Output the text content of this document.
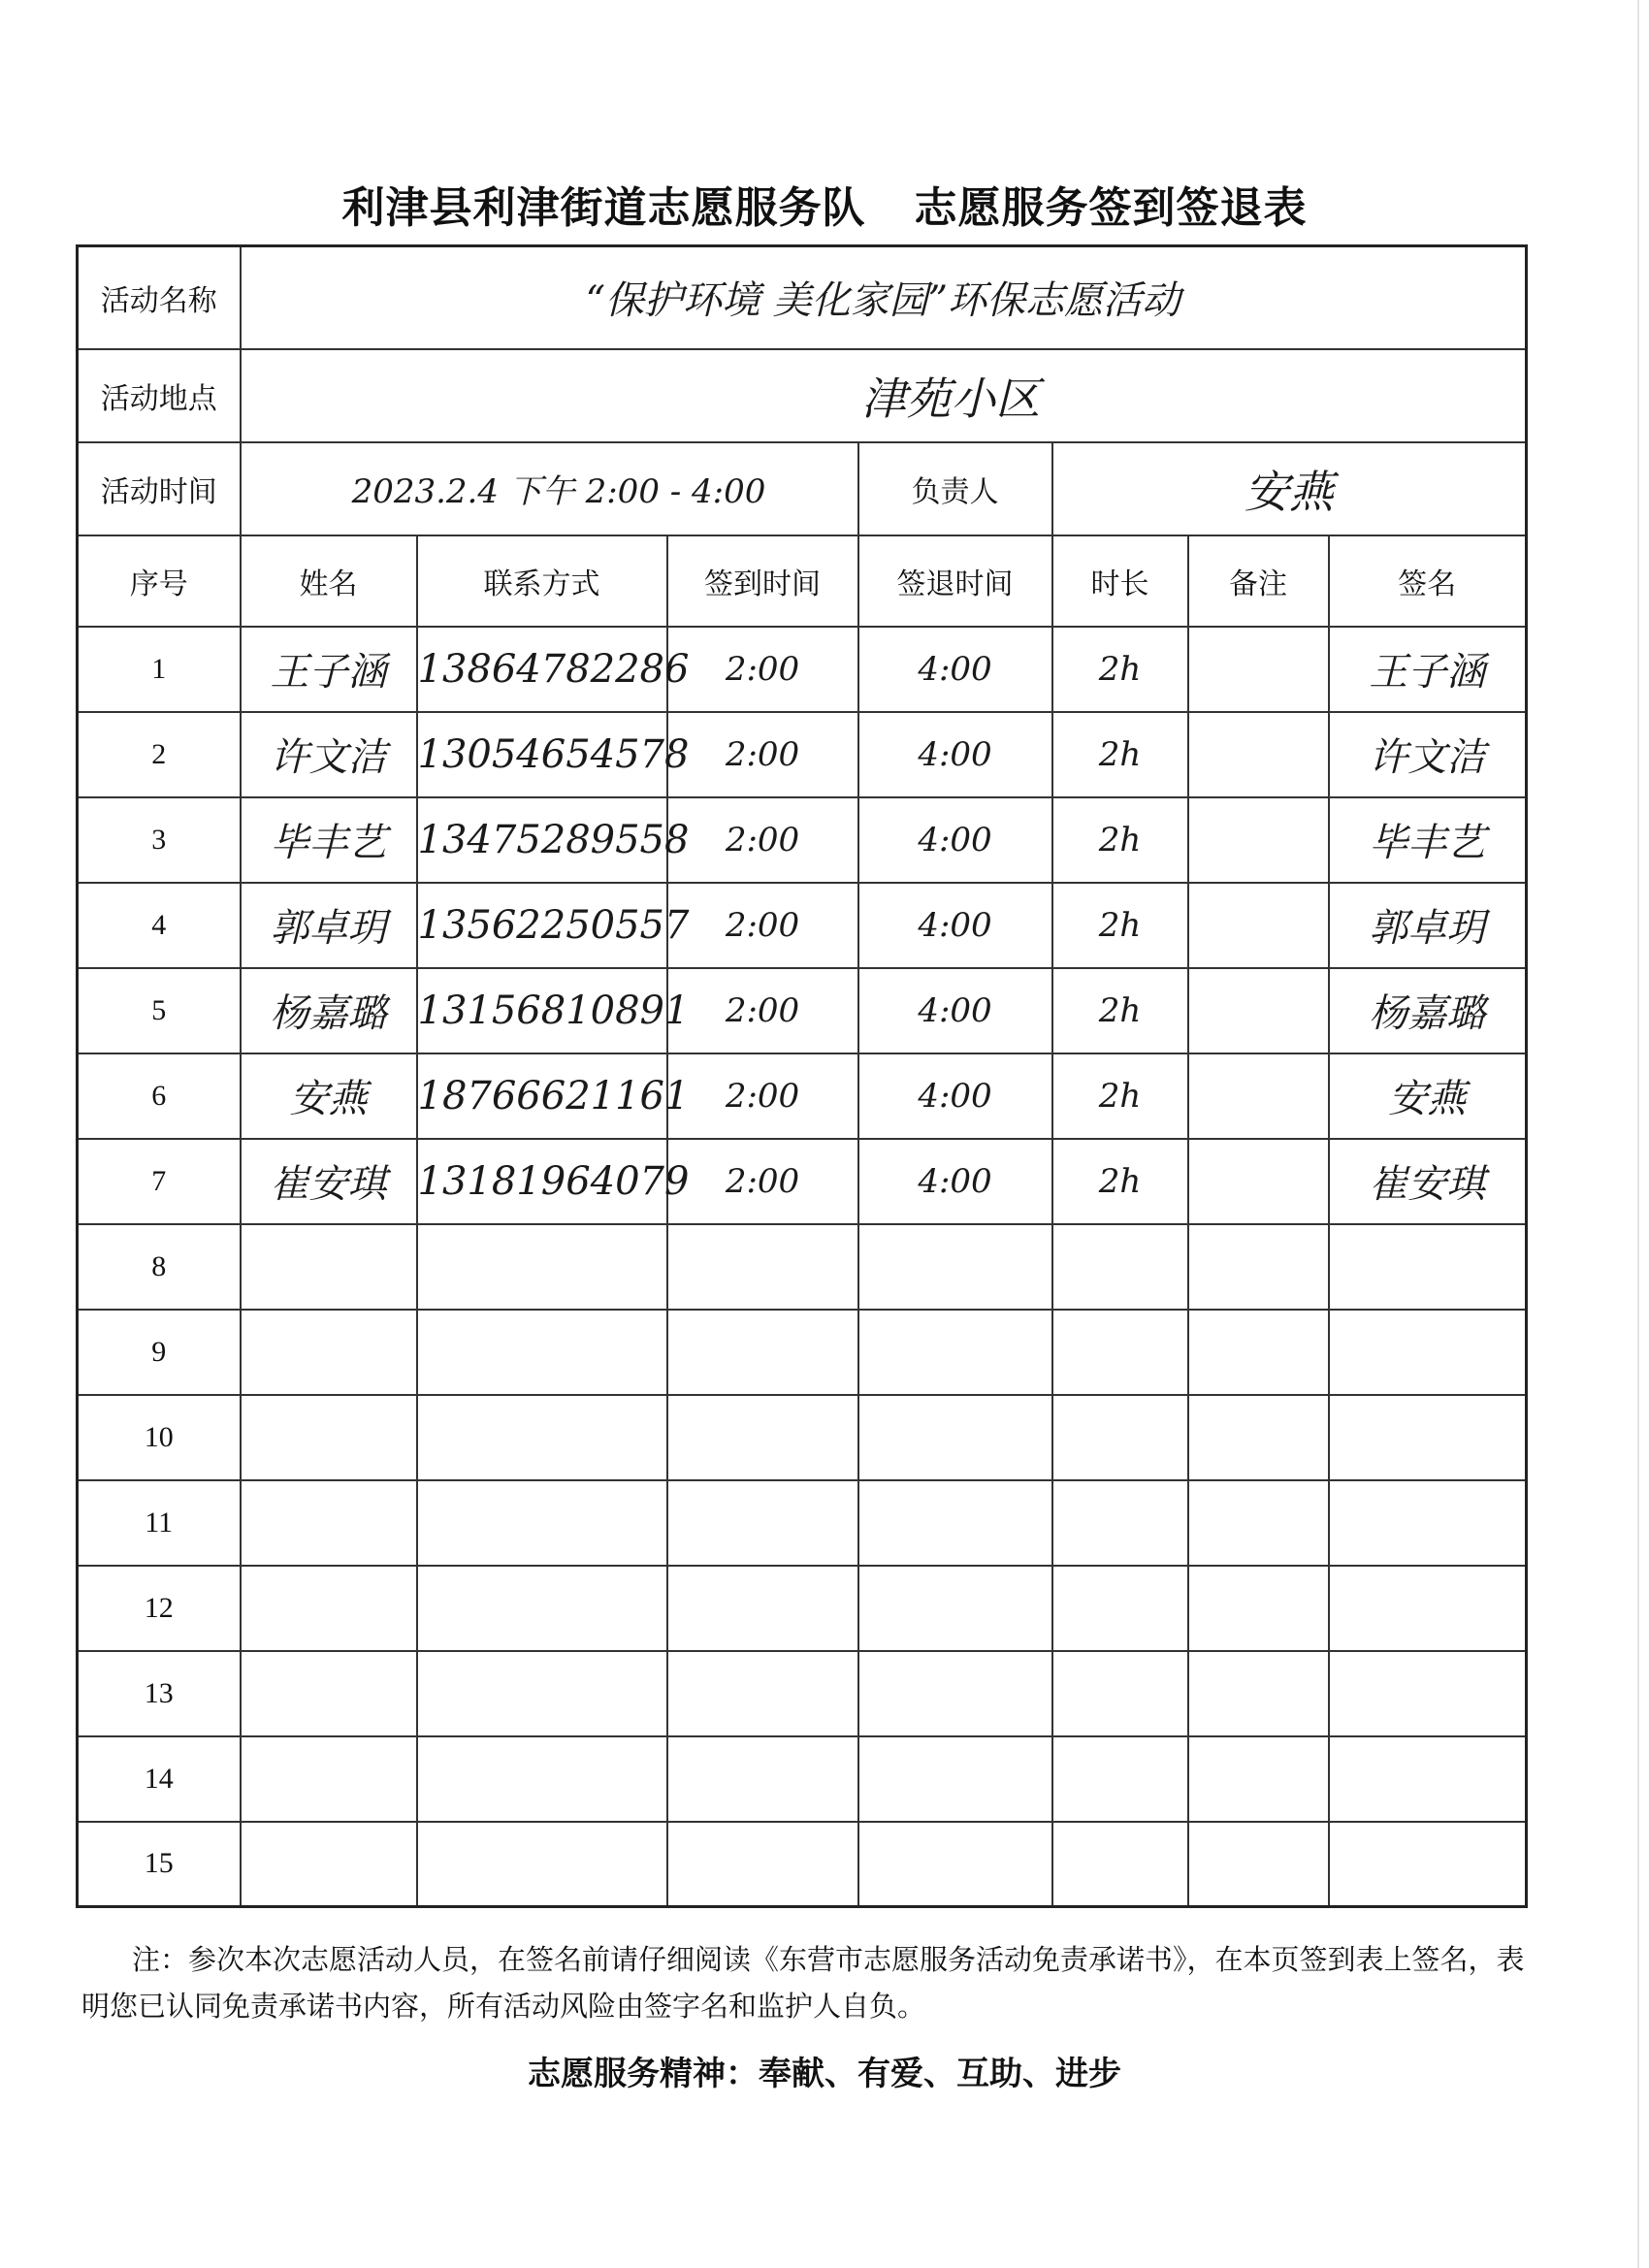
利津县利津街道志愿服务队 志愿服务签到签退表
活动名称	“保护环境 美化家园”环保志愿活动						
活动地点	津苑小区						
活动时间	2023.2.4 下午 2:00 - 4:00			负责人	安燕		
序号	姓名	联系方式	签到时间	签退时间	时长	备注	签名
1	王子涵	13864782286	2:00	4:00	2h		王子涵
2	许文洁	13054654578	2:00	4:00	2h		许文洁
3	毕丰艺	13475289558	2:00	4:00	2h		毕丰艺
4	郭卓玥	13562250557	2:00	4:00	2h		郭卓玥
5	杨嘉璐	13156810891	2:00	4:00	2h		杨嘉璐
6	安燕	18766621161	2:00	4:00	2h		安燕
7	崔安琪	13181964079	2:00	4:00	2h		崔安琪
8							
9							
10							
11							
12							
13							
14							
15							
注：参次本次志愿活动人员，在签名前请仔细阅读《东营市志愿服务活动免责承诺书》，在本页签到表上签名，表明您已认同免责承诺书内容，所有活动风险由签字名和监护人自负。
志愿服务精神：奉献、有爱、互助、进步
